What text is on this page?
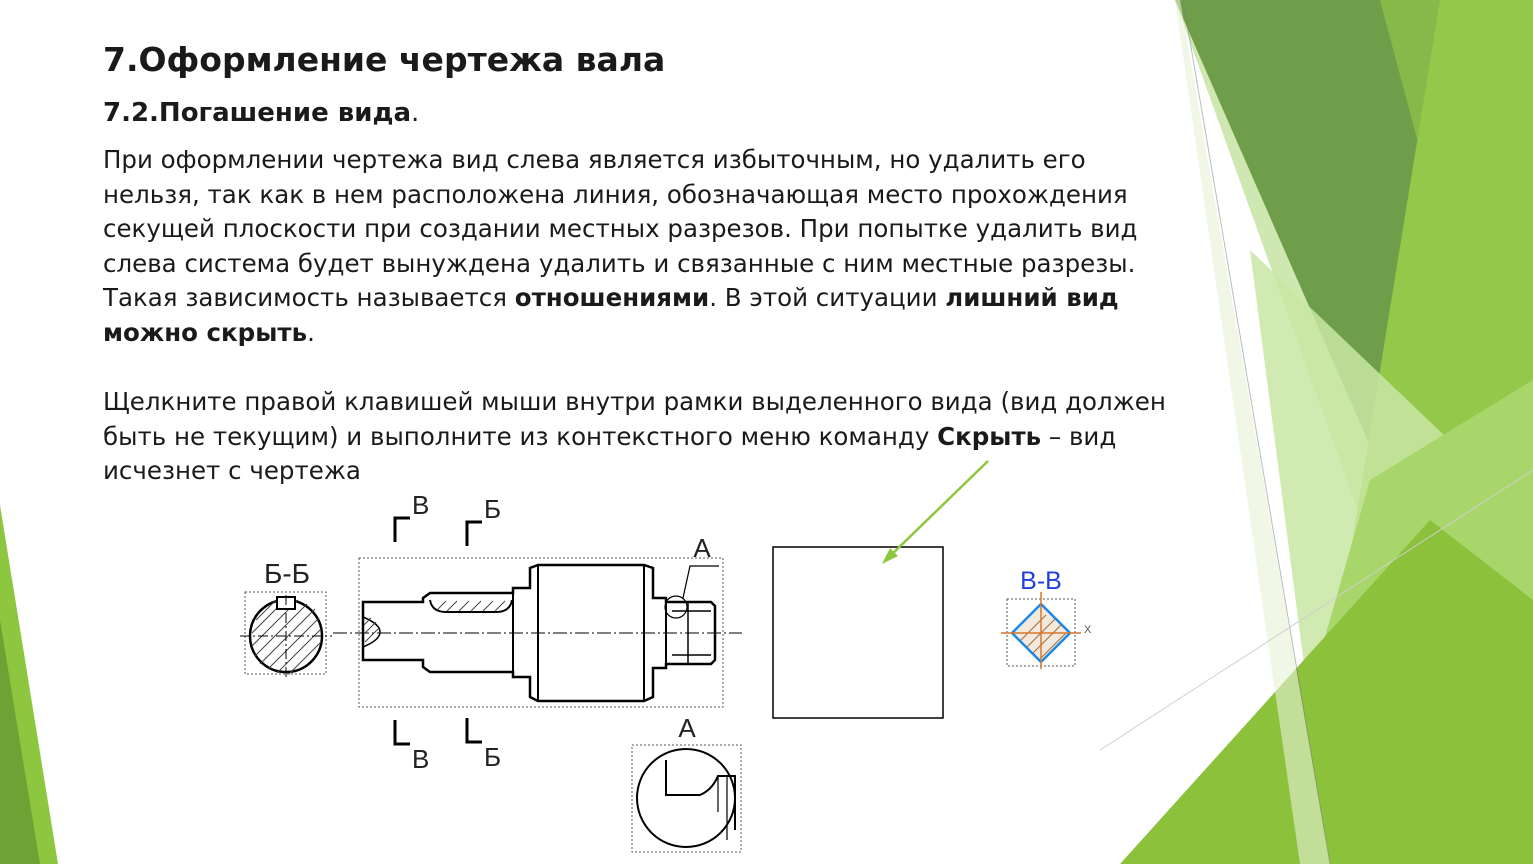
Б-Б
В Б
В Б
А
А
X
В-В
7.Оформление чертежа вала
7.2.Погашение вида.
При оформлении чертежа вид слева является избыточным, но удалить его
нельзя, так как в нем расположена линия, обозначающая место прохождения
секущей плоскости при создании местных разрезов. При попытке удалить вид
слева система будет вынуждена удалить и связанные с ним местные разрезы.
Такая зависимость называется отношениями. В этой ситуации лишний вид
можно скрыть.
Щелкните правой клавишей мыши внутри рамки выделенного вида (вид должен
быть не текущим) и выполните из контекстного меню команду Скрыть – вид
исчезнет с чертежа
